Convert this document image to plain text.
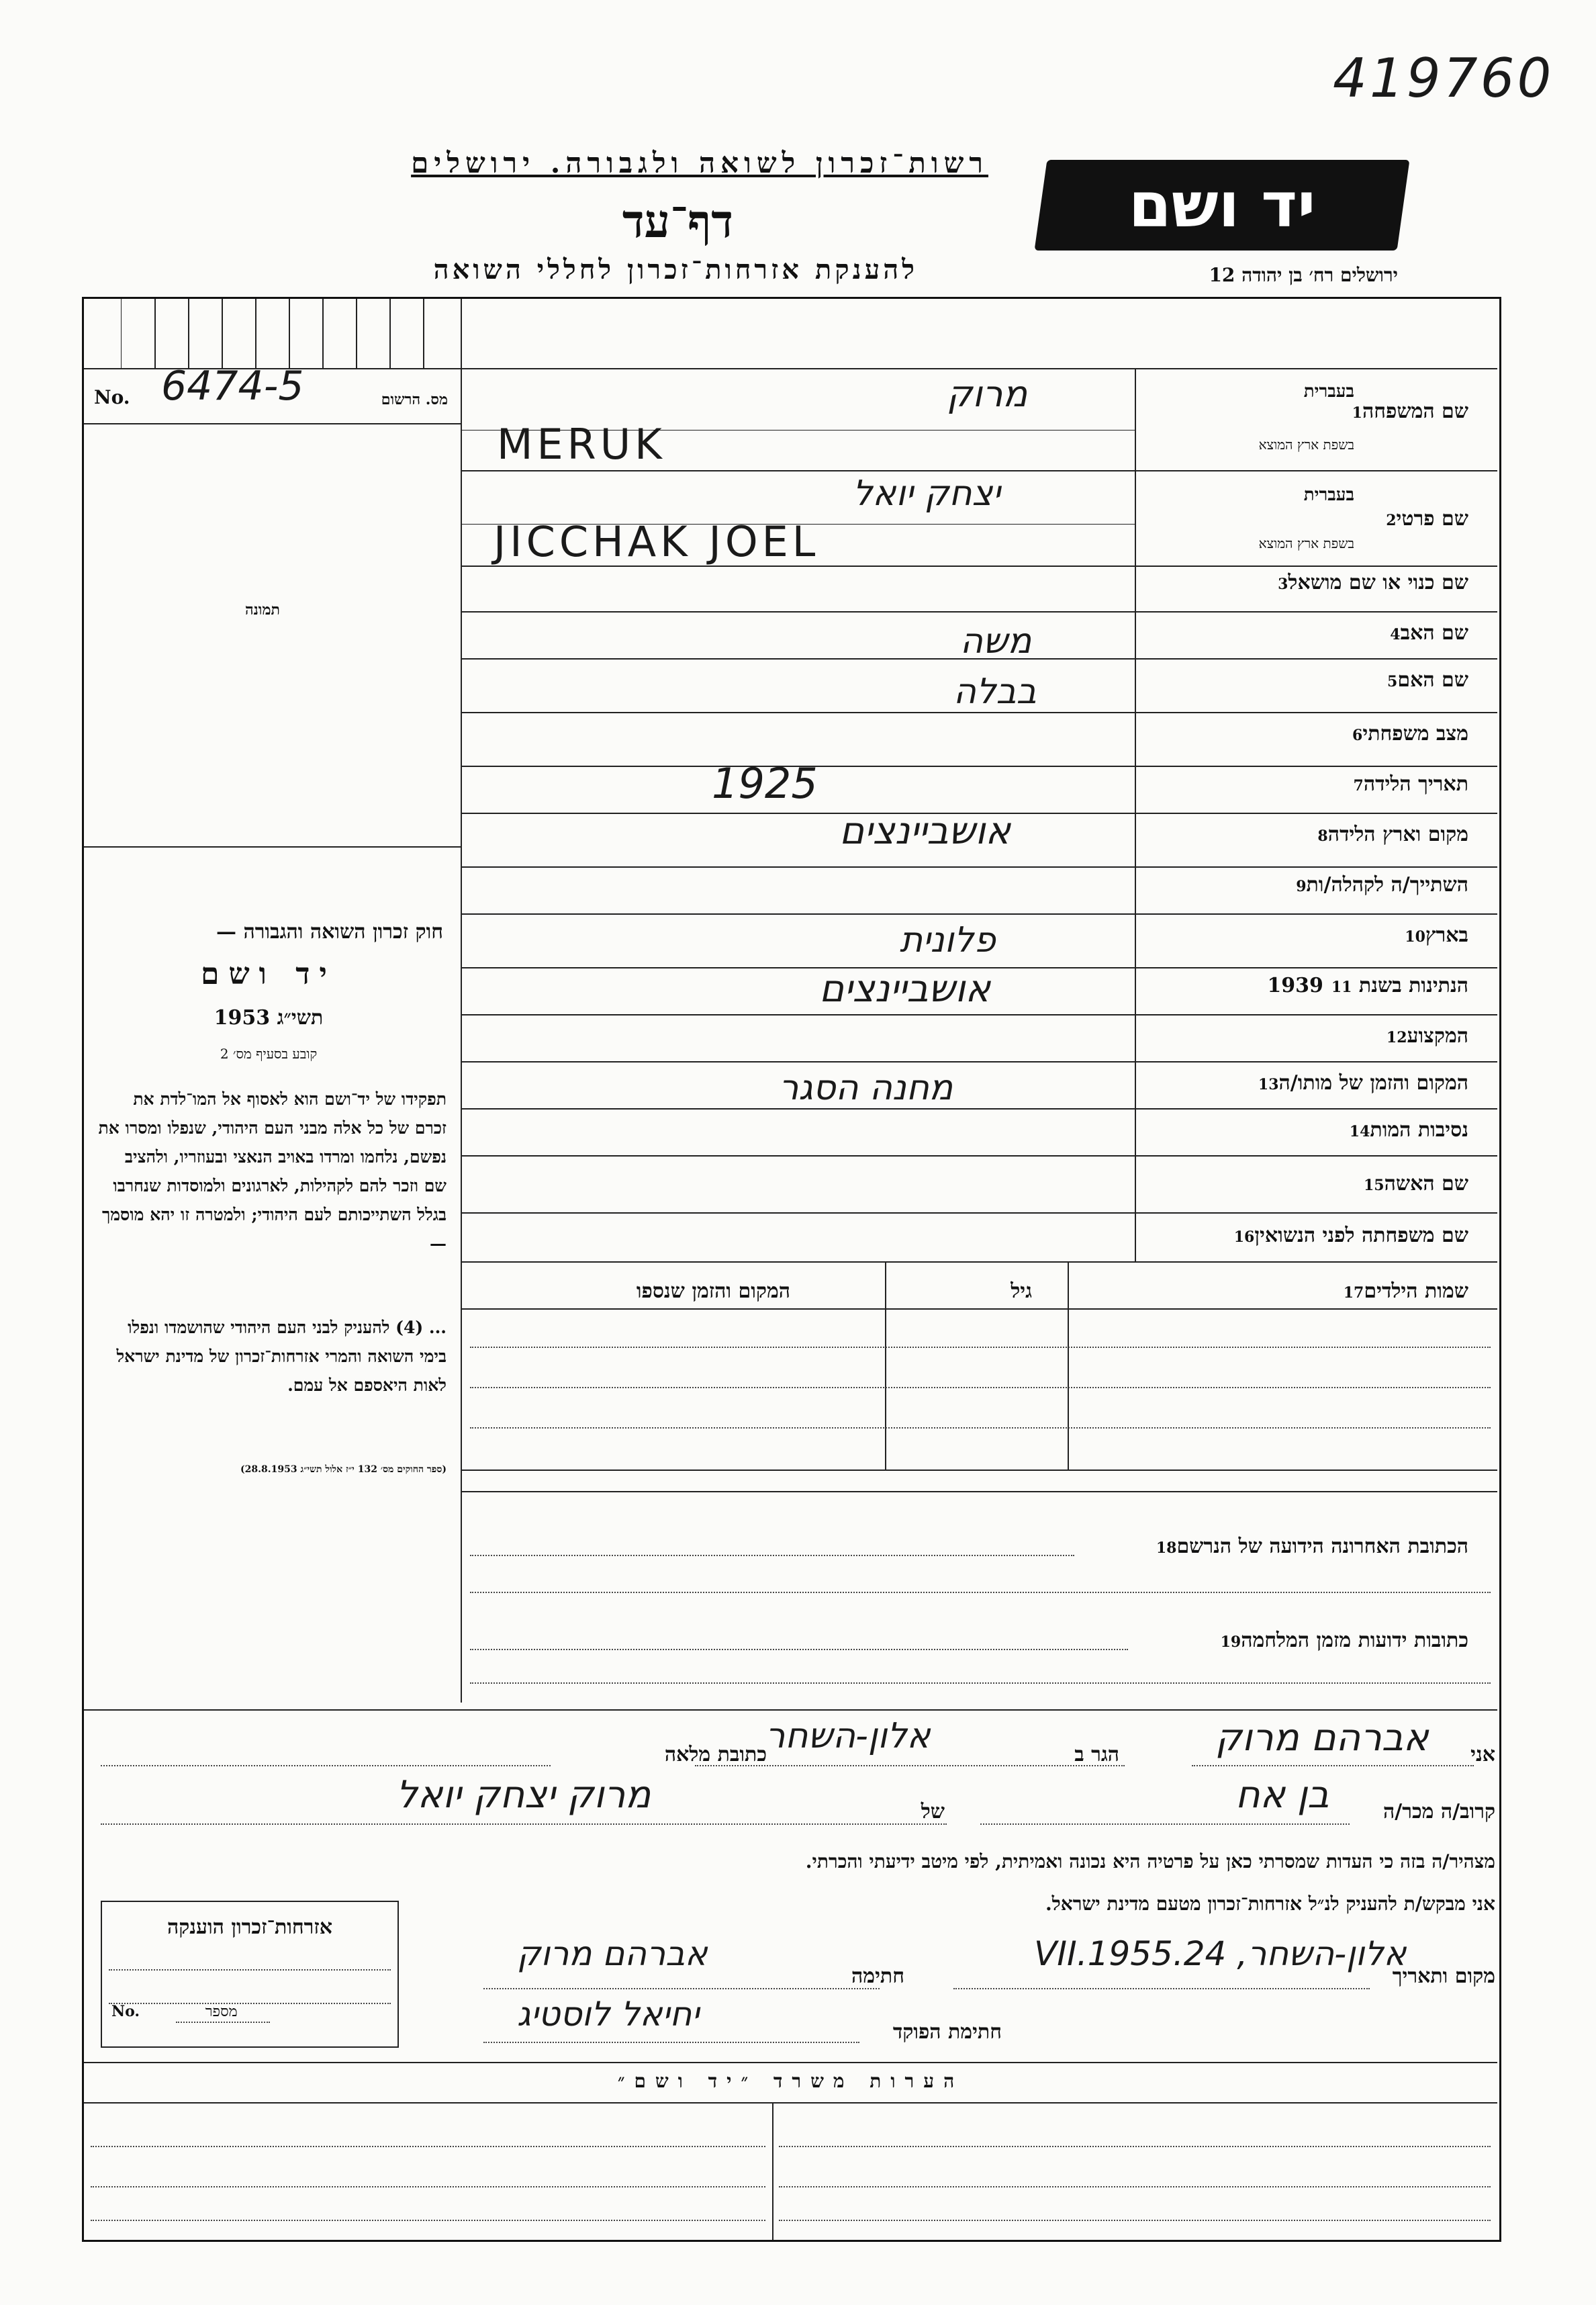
419760
רשות־זכרון לשואה ולגבורה. ירושלים
דף־עד
להענקת אזרחות־זכרון לחללי השואה
יד ושם
ירושלים רח׳ בן יהודה 12
No. 6474-5	מס. הרשום
תמונה
חוק זכרון השואה והגבורה —
יד ושם
תשי״ג 1953
קובע בסעיף מס׳ 2
תפקידו של יד־ושם הוא לאסוף אל המו־לדת את זכרם של כל אלה מבני העם היהודי, שנפלו ומסרו את נפשם, נלחמו ומרדו באויב הנאצי ובעוזריו, ולהציב שם וזכר להם לקהילות, לארגונים ולמוסדות שנחרבו בגלל השתייכותם לעם היהודי; ולמטרה זו יהא מוסמך —
... (4) להעניק לבני העם היהודי שהושמדו ונפלו בימי השואה והמרי אזרחות־זכרון של מדינת ישראל לאות היאספם אל עמם.
(ספר החוקים מס׳ 132 י״ז אלול תשי״ג 28.8.1953)
שם המשפחה1
בעברית
בשפת ארץ המוצא
מרוק
MERUK
שם פרטי2
בעברית
בשפת ארץ המוצא
יצחק יואל
JICCHAK JOEL
שם כנוי או שם מושאל3
שם האב4
משה
שם האם5
בבלה
מצב משפחתי6
תאריך הלידה7
1925
מקום וארץ הלידה8
אושביינצים
השתייך/ה לקהלה/ות9
בארץ10
פלונית
הנתינות בשנת 193911
אושביינצים
המקצוע12
המקום והזמן של מותו/ה13
מחנה הסגר
נסיבות המות14
שם האשה15
שם משפחתה לפני הנשואין16
שמות הילדים17
גיל
המקום והזמן שנספו
הכתובת האחרונה הידועה של הנרשם18
כתובות ידועות מזמן המלחמה19
אני
אברהם מרוק
הגר ב
אלון-השחר
כתובת מלאה
קרוב/ה מכר/ה
בן אח
של
מרוק יצחק יואל
מצהיר/ה בזה כי העדות שמסרתי כאן על פרטיה היא נכונה ואמיתית, לפי מיטב ידיעתי והכרתי.
אני מבקש/ת להעניק לנ״ל אזרחות־זכרון מטעם מדינת ישראל.
אזרחות־זכרון הוענקה
No.	מספר
מקום ותאריך
אלון-השחר, 24.VII.1955
חתימה
אברהם מרוק
חתימת הפוקד
יחיאל לוסטיג
הערות משרד ״יד ושם״
